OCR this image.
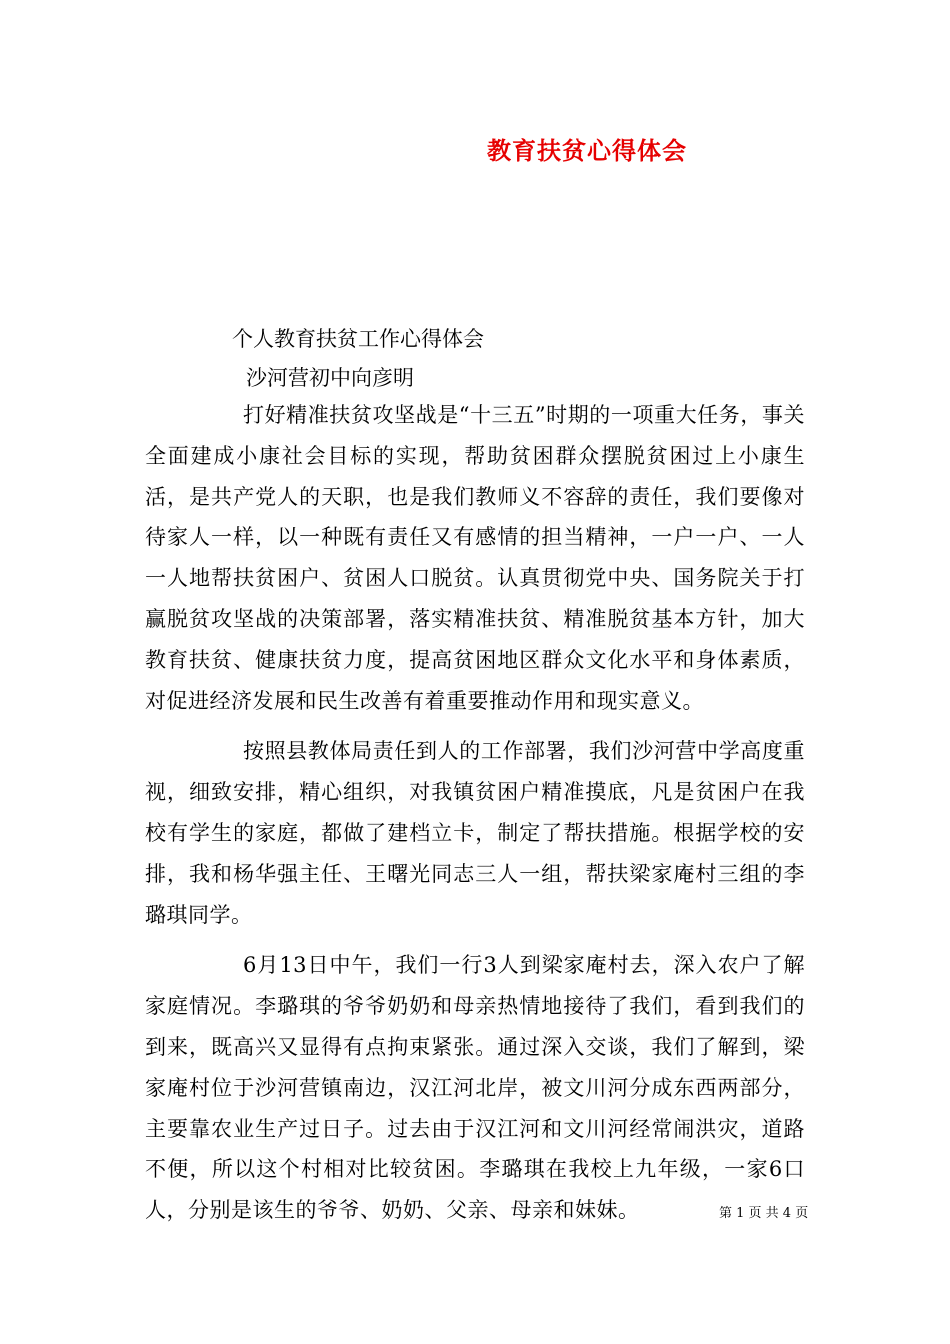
教育扶贫心得体会
个人教育扶贫工作心得体会
沙河营初中向彦明

打好精准扶贫攻坚战是“十三五”时期的一项重大任务，事关全面建成小康社会目标的实现，帮助贫困群众摆脱贫困过上小康生活，是共产党人的天职，也是我们教师义不容辞的责任，我们要像对待家人一样，以一种既有责任又有感情的担当精神，一户一户、一人一人地帮扶贫困户、贫困人口脱贫。认真贯彻党中央、国务院关于打赢脱贫攻坚战的决策部署，落实精准扶贫、精准脱贫基本方针，加大教育扶贫、健康扶贫力度，提高贫困地区群众文化水平和身体素质，对促进经济发展和民生改善有着重要推动作用和现实意义。

按照县教体局责任到人的工作部署，我们沙河营中学高度重视，细致安排，精心组织，对我镇贫困户精准摸底，凡是贫困户在我校有学生的家庭，都做了建档立卡，制定了帮扶措施。根据学校的安排，我和杨华强主任、王曙光同志三人一组，帮扶梁家庵村三组的李璐琪同学。

6月13日中午，我们一行3人到梁家庵村去，深入农户了解家庭情况。李璐琪的爷爷奶奶和母亲热情地接待了我们，看到我们的到来，既高兴又显得有点拘束紧张。通过深入交谈，我们了解到，梁家庵村位于沙河营镇南边，汉江河北岸，被文川河分成东西两部分，主要靠农业生产过日子。过去由于汉江河和文川河经常闹洪灾，道路不便，所以这个村相对比较贫困。李璐琪在我校上九年级，一家6口人，分别是该生的爷爷、奶奶、父亲、母亲和妹妹。	第 1 页 共 4 页
